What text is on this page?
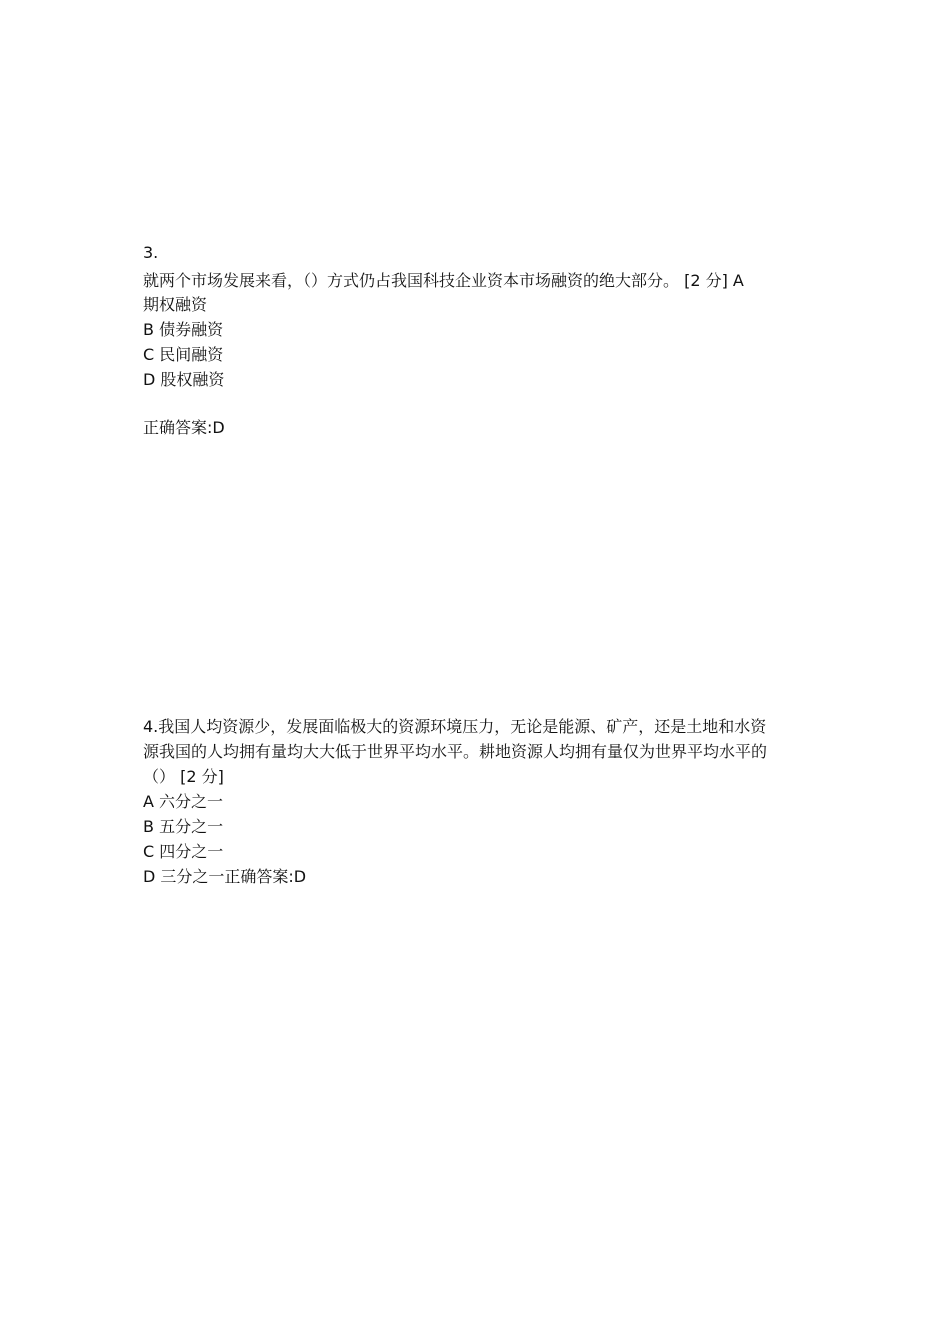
3.
就两个市场发展来看，（）方式仍占我国科技企业资本市场融资的绝大部分。 [2 分] A
期权融资
B 债券融资
C 民间融资
D 股权融资
正确答案:D
4.我国人均资源少，发展面临极大的资源环境压力，无论是能源、矿产，还是土地和水资
源我国的人均拥有量均大大低于世界平均水平。耕地资源人均拥有量仅为世界平均水平的
（） [2 分]
A 六分之一
B 五分之一
C 四分之一
D 三分之一正确答案:D
